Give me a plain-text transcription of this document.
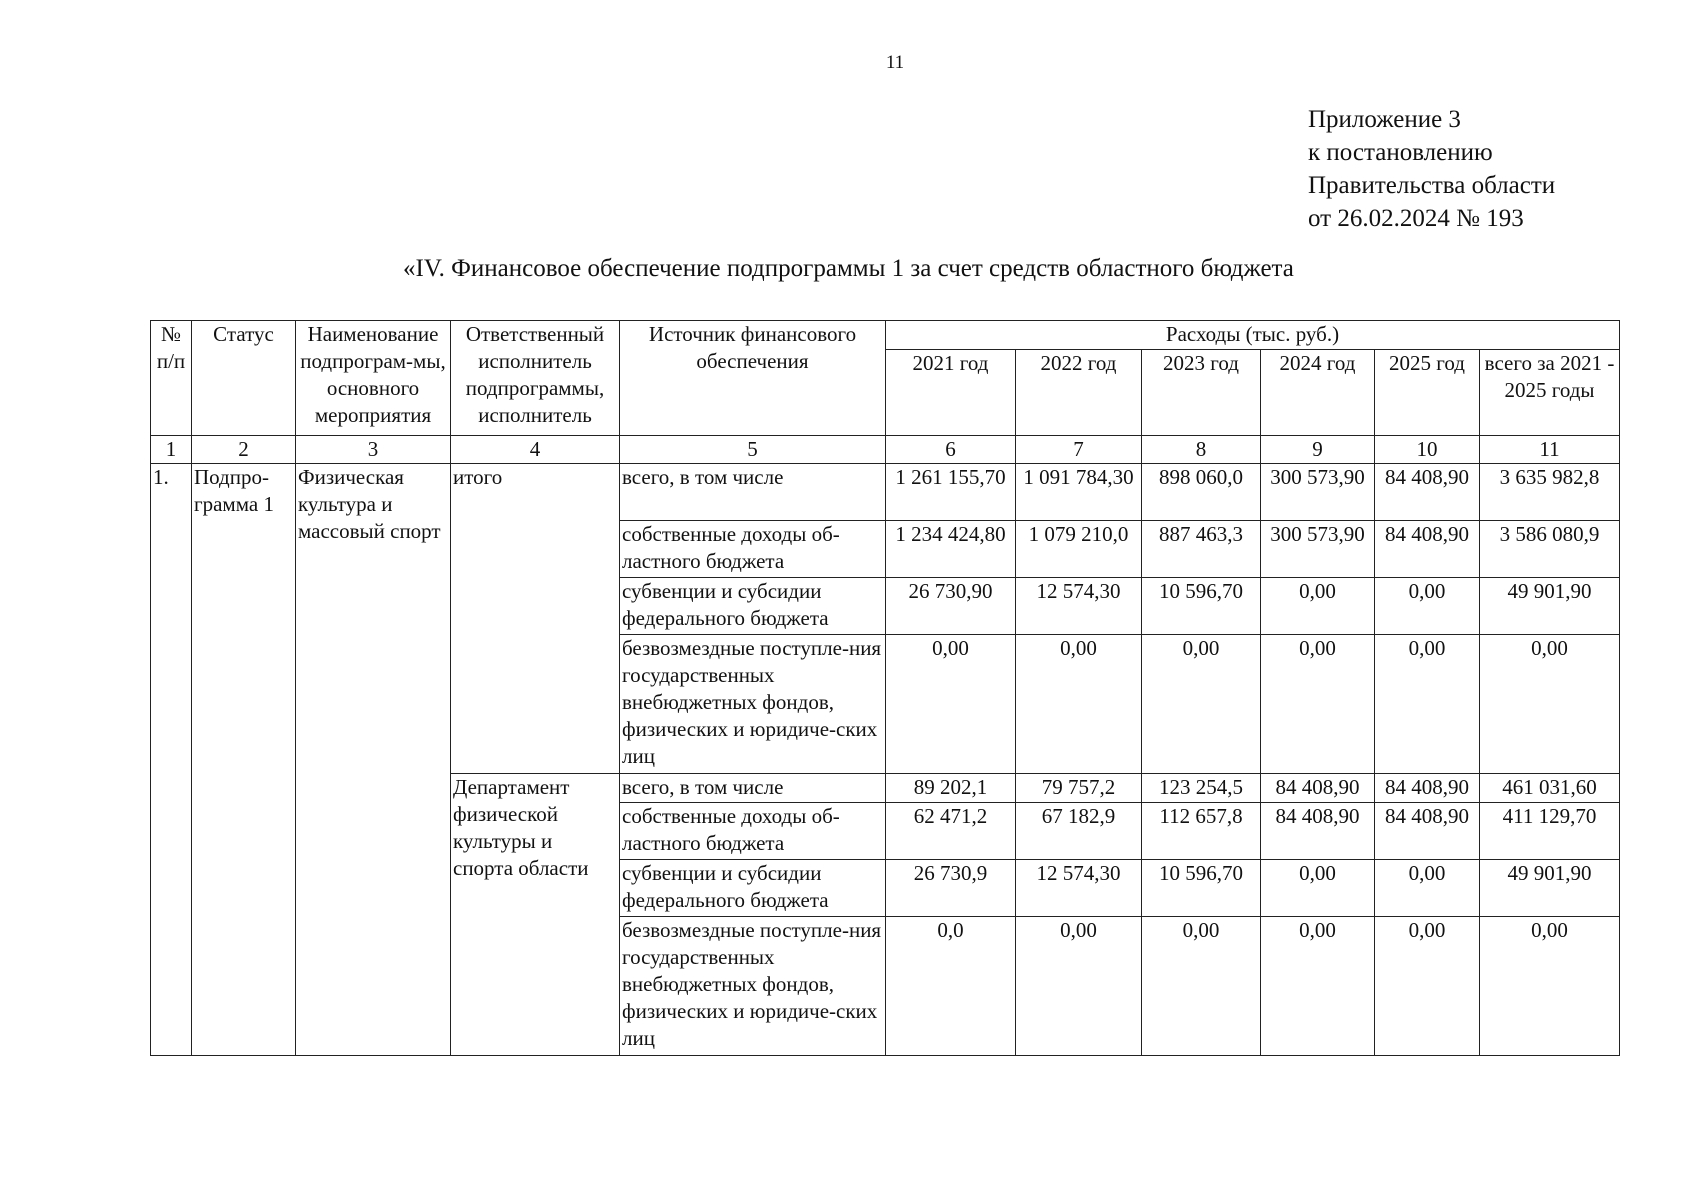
11
Приложение 3
к постановлению
Правительства области
от 26.02.2024 № 193
«IV. Финансовое обеспечение подпрограммы 1 за счет средств областного бюджета
№ п/п	Статус	Наименование подпрограм-мы, основного мероприятия	Ответственный исполнитель подпрограммы, исполнитель	Источник финансового обеспечения	Расходы (тыс. руб.)					
					2021 год	2022 год	2023 год	2024 год	2025 год	всего за 2021 - 2025 годы
1	2	3	4	5	6	7	8	9	10	11
1.	Подпро-грамма 1	Физическая культура и массовый спорт	итого	всего, в том числе	1 261 155,70	1 091 784,30	898 060,0	300 573,90	84 408,90	3 635 982,8
				собственные доходы об-ластного бюджета	1 234 424,80	1 079 210,0	887 463,3	300 573,90	84 408,90	3 586 080,9
				субвенции и субсидии федерального бюджета	26 730,90	12 574,30	10 596,70	0,00	0,00	49 901,90
				безвозмездные поступле-ния государственных внебюджетных фондов, физических и юридиче-ских лиц	0,00	0,00	0,00	0,00	0,00	0,00
			Департамент физической культуры и спорта области	всего, в том числе	89 202,1	79 757,2	123 254,5	84 408,90	84 408,90	461 031,60
				собственные доходы об-ластного бюджета	62 471,2	67 182,9	112 657,8	84 408,90	84 408,90	411 129,70
				субвенции и субсидии федерального бюджета	26 730,9	12 574,30	10 596,70	0,00	0,00	49 901,90
				безвозмездные поступле-ния государственных внебюджетных фондов, физических и юридиче-ских лиц	0,0	0,00	0,00	0,00	0,00	0,00
